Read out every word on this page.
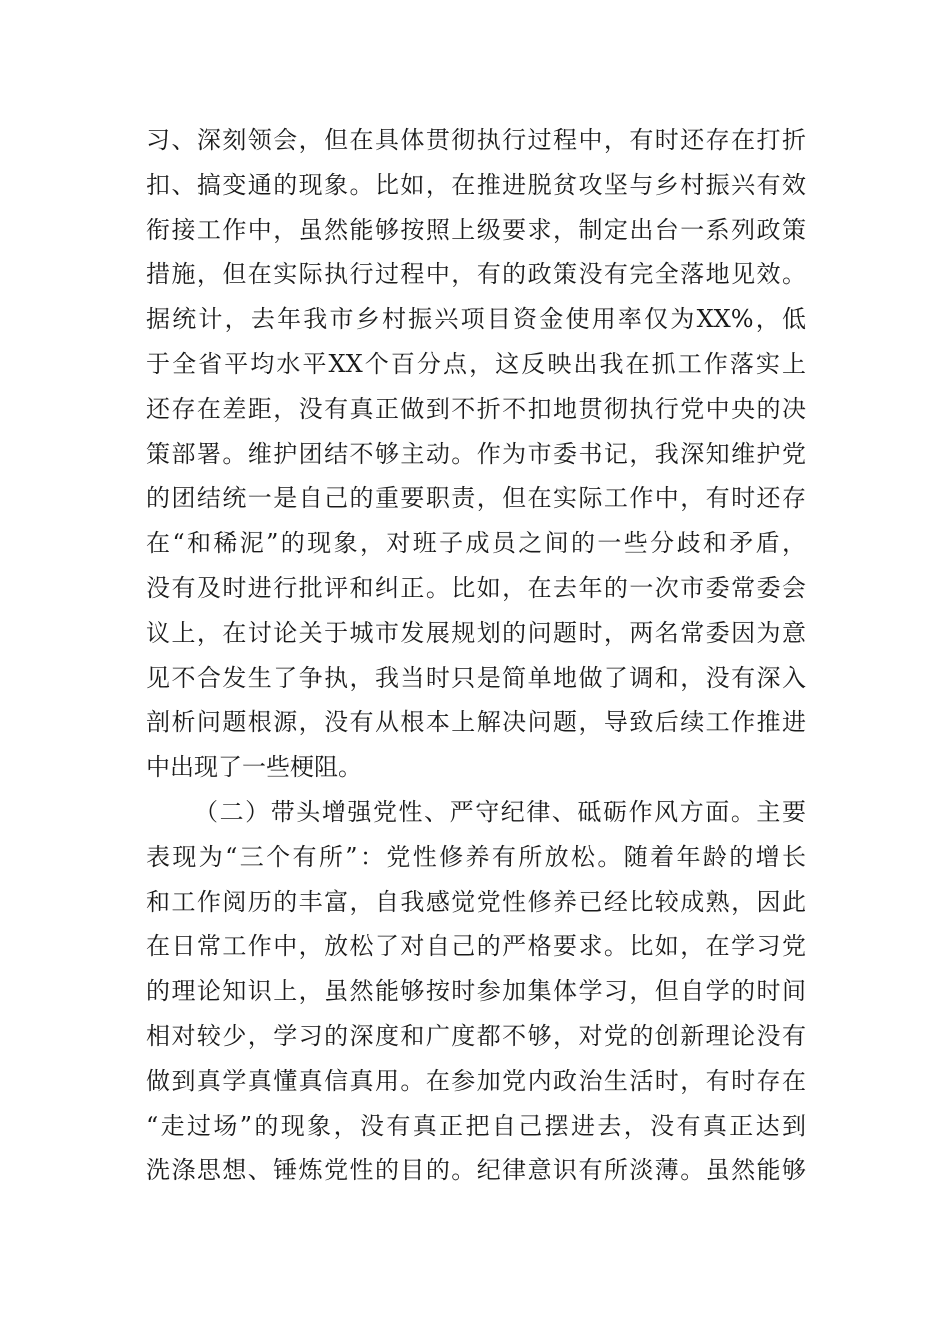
习、深刻领会，但在具体贯彻执行过程中，有时还存在打折
扣、搞变通的现象。比如，在推进脱贫攻坚与乡村振兴有效
衔接工作中，虽然能够按照上级要求，制定出台一系列政策
措施，但在实际执行过程中，有的政策没有完全落地见效。
据统计，去年我市乡村振兴项目资金使用率仅为XX%，低
于全省平均水平XX个百分点，这反映出我在抓工作落实上
还存在差距，没有真正做到不折不扣地贯彻执行党中央的决
策部署。维护团结不够主动。作为市委书记，我深知维护党
的团结统一是自己的重要职责，但在实际工作中，有时还存
在“和稀泥”的现象，对班子成员之间的一些分歧和矛盾，
没有及时进行批评和纠正。比如，在去年的一次市委常委会
议上，在讨论关于城市发展规划的问题时，两名常委因为意
见不合发生了争执，我当时只是简单地做了调和，没有深入
剖析问题根源，没有从根本上解决问题，导致后续工作推进
中出现了一些梗阻。
（二）带头增强党性、严守纪律、砥砺作风方面。主要
表现为“三个有所”：党性修养有所放松。随着年龄的增长
和工作阅历的丰富，自我感觉党性修养已经比较成熟，因此
在日常工作中，放松了对自己的严格要求。比如，在学习党
的理论知识上，虽然能够按时参加集体学习，但自学的时间
相对较少，学习的深度和广度都不够，对党的创新理论没有
做到真学真懂真信真用。在参加党内政治生活时，有时存在
“走过场”的现象，没有真正把自己摆进去，没有真正达到
洗涤思想、锤炼党性的目的。纪律意识有所淡薄。虽然能够
